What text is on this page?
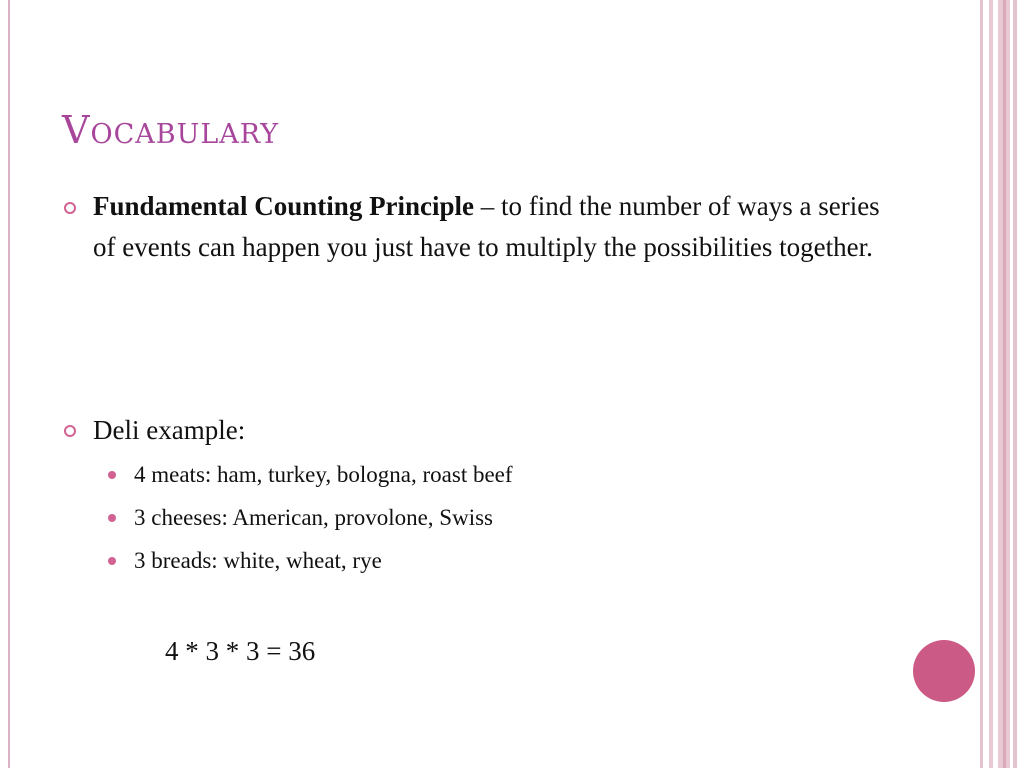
Vocabulary
Fundamental Counting Principle – to find the number of ways a series of events can happen you just have to multiply the possibilities together.
Deli example:
4 meats: ham, turkey, bologna, roast beef
3 cheeses: American, provolone, Swiss
3 breads: white, wheat, rye
4 * 3 * 3 = 36
